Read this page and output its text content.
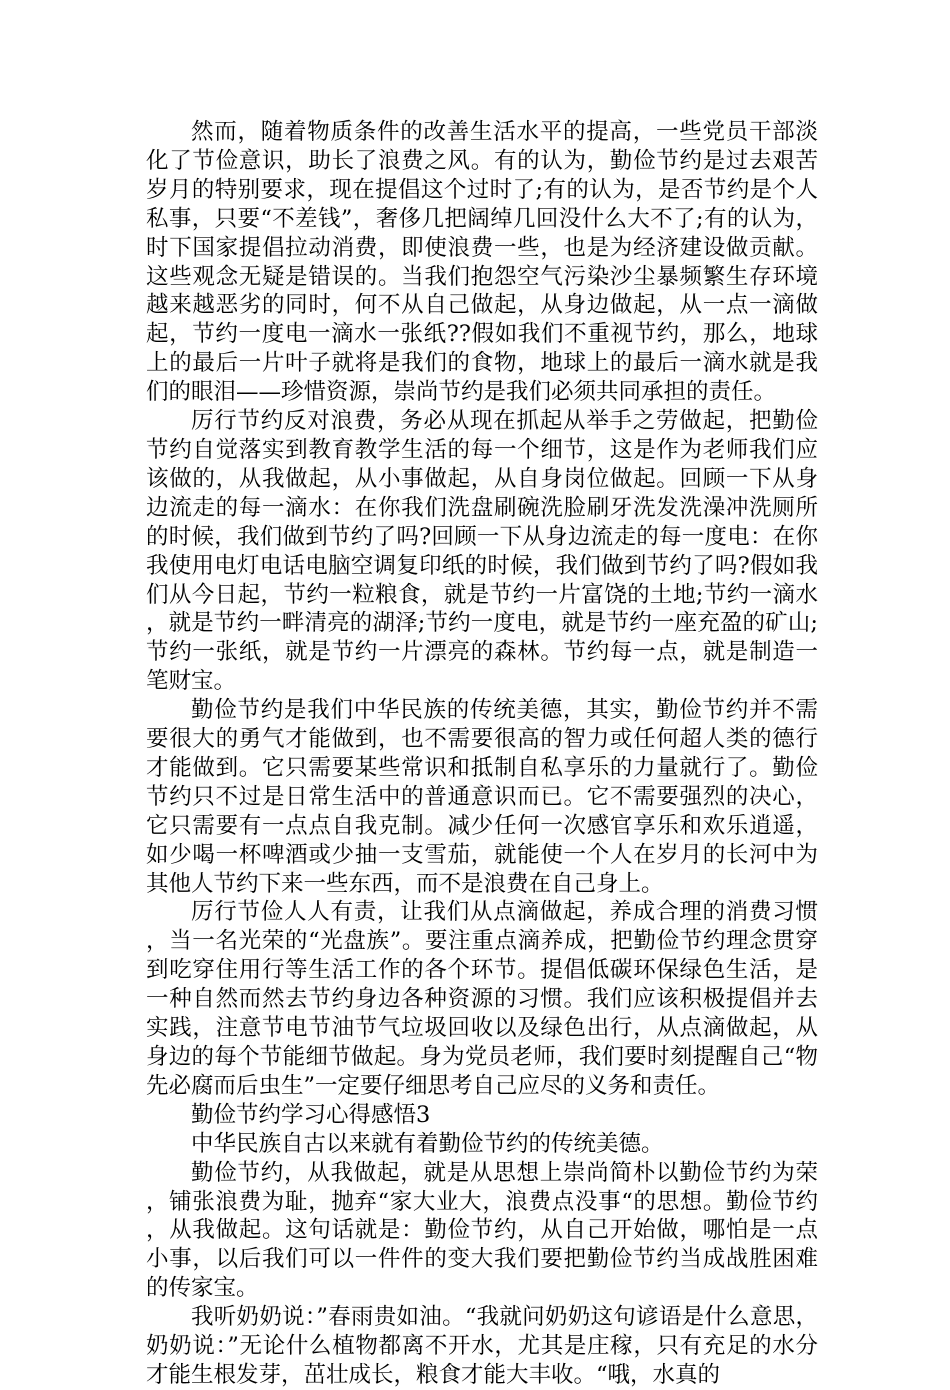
然而，随着物质条件的改善生活水平的提高，一些党员干部淡化了节俭意识，助长了浪费之风。有的认为，勤俭节约是过去艰苦岁月的特别要求，现在提倡这个过时了;有的认为，是否节约是个人私事，只要“不差钱”，奢侈几把阔绰几回没什么大不了;有的认为，时下国家提倡拉动消费，即使浪费一些，也是为经济建设做贡献。这些观念无疑是错误的。当我们抱怨空气污染沙尘暴频繁生存环境越来越恶劣的同时，何不从自己做起，从身边做起，从一点一滴做起，节约一度电一滴水一张纸??假如我们不重视节约，那么，地球上的最后一片叶子就将是我们的食物，地球上的最后一滴水就是我们的眼泪——珍惜资源，崇尚节约是我们必须共同承担的责任。

厉行节约反对浪费，务必从现在抓起从举手之劳做起，把勤俭节约自觉落实到教育教学生活的每一个细节，这是作为老师我们应该做的，从我做起，从小事做起，从自身岗位做起。回顾一下从身边流走的每一滴水：在你我们洗盘刷碗洗脸刷牙洗发洗澡冲洗厕所的时候，我们做到节约了吗?回顾一下从身边流走的每一度电：在你我使用电灯电话电脑空调复印纸的时候，我们做到节约了吗?假如我们从今日起，节约一粒粮食，就是节约一片富饶的土地;节约一滴水，就是节约一畔清亮的湖泽;节约一度电，就是节约一座充盈的矿山;节约一张纸，就是节约一片漂亮的森林。节约每一点，就是制造一笔财宝。

勤俭节约是我们中华民族的传统美德，其实，勤俭节约并不需要很大的勇气才能做到，也不需要很高的智力或任何超人类的德行才能做到。它只需要某些常识和抵制自私享乐的力量就行了。勤俭节约只不过是日常生活中的普通意识而已。它不需要强烈的决心，它只需要有一点点自我克制。减少任何一次感官享乐和欢乐逍遥，如少喝一杯啤酒或少抽一支雪茄，就能使一个人在岁月的长河中为其他人节约下来一些东西，而不是浪费在自己身上。

厉行节俭人人有责，让我们从点滴做起，养成合理的消费习惯，当一名光荣的“光盘族”。要注重点滴养成，把勤俭节约理念贯穿到吃穿住用行等生活工作的各个环节。提倡低碳环保绿色生活，是一种自然而然去节约身边各种资源的习惯。我们应该积极提倡并去实践，注意节电节油节气垃圾回收以及绿色出行，从点滴做起，从身边的每个节能细节做起。身为党员老师，我们要时刻提醒自己“物先必腐而后虫生”一定要仔细思考自己应尽的义务和责任。

勤俭节约学习心得感悟3

中华民族自古以来就有着勤俭节约的传统美德。

勤俭节约，从我做起，就是从思想上崇尚简朴以勤俭节约为荣，铺张浪费为耻，抛弃“家大业大，浪费点没事“的思想。勤俭节约，从我做起。这句话就是：勤俭节约，从自己开始做，哪怕是一点小事，以后我们可以一件件的变大我们要把勤俭节约当成战胜困难的传家宝。

我听奶奶说：”春雨贵如油。“我就问奶奶这句谚语是什么意思，奶奶说：”无论什么植物都离不开水，尤其是庄稼，只有充足的水分才能生根发芽，茁壮成长，粮食才能大丰收。“哦，水真的
